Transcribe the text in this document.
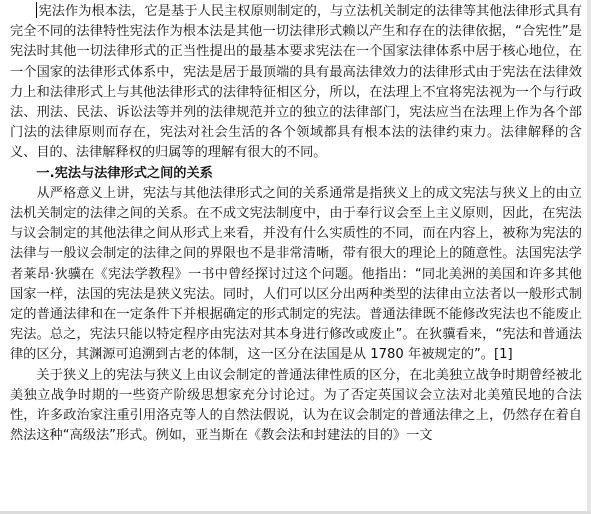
宪法作为根本法，它是基于人民主权原则制定的，与立法机关制定的法律等其他法律形式具有完全不同的法律特性宪法作为根本法是其他一切法律形式赖以产生和存在的法律依据，“合宪性”是宪法时其他一切法律形式的正当性提出的最基本要求宪法在一个国家法律体系中居于核心地位，在一个国家的法律形式体系中，宪法是居于最顶端的具有最高法律效力的法律形式由于宪法在法律效力上和法律形式上与其他法律形式的法律特征相区分，所以，在法理上不宜将宪法视为一个与行政法、刑法、民法、诉讼法等并列的法律规范并立的独立的法律部门，宪法应当在法理上作为各个部门法的法律原则而存在，宪法对社会生活的各个领域都具有根本法的法律约束力。法律解释的含义、目的、法律解释权的归属等的理解有很大的不同。

一.宪法与法律形式之间的关系

从严格意义上讲，宪法与其他法律形式之间的关系通常是指狭义上的成文宪法与狭义上的由立法机关制定的法律之间的关系。在不成文宪法制度中，由于奉行议会至上主义原则，因此，在宪法与议会制定的其他法律之间从形式上来看，并没有什么实质性的不同，而在内容上，被称为宪法的法律与一般议会制定的法律之间的界限也不是非常清晰，带有很大的理论上的随意性。法国宪法学者莱昂·狄骥在《宪法学教程》一书中曾经探讨过这个问题。他指出：“同北美洲的美国和许多其他国家一样，法国的宪法是狭义宪法。同时，人们可以区分出两种类型的法律由立法者以一般形式制定的普通法律和在一定条件下并根据确定的形式制定的宪法。普通法律既不能修改宪法也不能废止宪法。总之，宪法只能以特定程序由宪法对其本身进行修改或废止”。在狄骥看来，“宪法和普通法律的区分，其渊源可追溯到古老的体制，这一区分在法国是从 1780 年被规定的”。[1]

关于狭义上的宪法与狭义上由议会制定的普通法律性质的区分，在北美独立战争时期曾经被北美独立战争时期的一些资产阶级思想家充分讨论过。为了否定英国议会立法对北美殖民地的合法性，许多政治家注重引用洛克等人的自然法假说，认为在议会制定的普通法律之上，仍然存在着自然法这种“高级法”形式。例如，亚当斯在《教会法和封建法的目的》一文
